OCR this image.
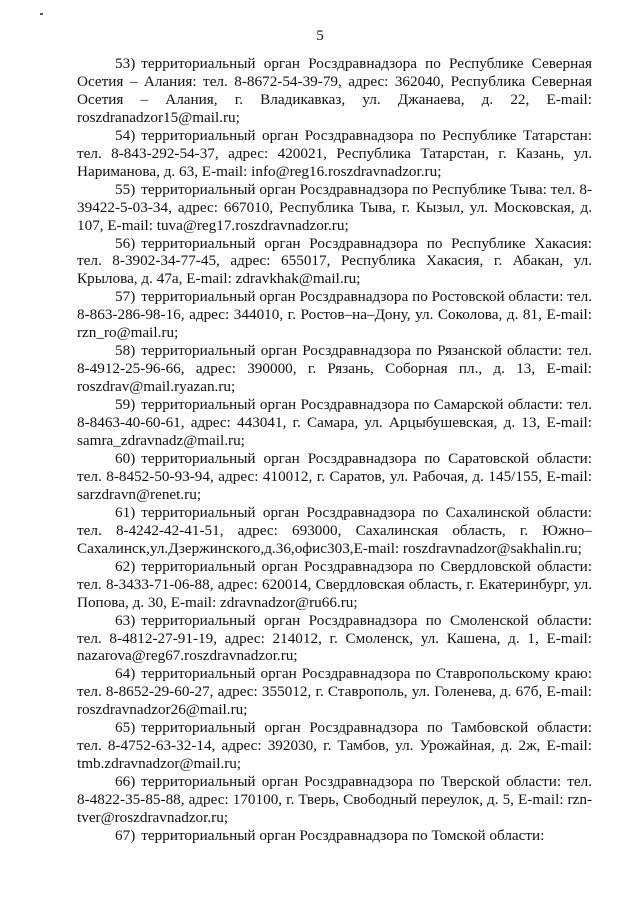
5

53) территориальный орган Росздравнадзора по Республике Северная Осетия – Алания: тел. 8-8672-54-39-79, адрес: 362040, Республика Северная Осетия – Алания, г. Владикавказ, ул. Джанаева, д. 22, E-mail: roszdranadzor15@mail.ru;

54) территориальный орган Росздравнадзора по Республике Татарстан: тел. 8-843-292-54-37, адрес: 420021, Республика Татарстан, г. Казань, ул. Нариманова, д. 63, E-mail: info@reg16.roszdravnadzor.ru;

55) территориальный орган Росздравнадзора по Республике Тыва: тел. 8-39422-5-03-34, адрес: 667010, Республика Тыва, г. Кызыл, ул. Московская, д. 107, E-mail: tuva@reg17.roszdravnadzor.ru;

56) территориальный орган Росздравнадзора по Республике Хакасия: тел. 8-3902-34-77-45, адрес: 655017, Республика Хакасия, г. Абакан, ул. Крылова, д. 47а, E-mail: zdravkhak@mail.ru;

57) территориальный орган Росздравнадзора по Ростовской области: тел. 8-863-286-98-16, адрес: 344010, г. Ростов–на–Дону, ул. Соколова, д. 81, E-mail: rzn_ro@mail.ru;

58) территориальный орган Росздравнадзора по Рязанской области: тел. 8-4912-25-96-66, адрес: 390000, г. Рязань, Соборная пл., д. 13, E-mail: roszdrav@mail.ryazan.ru;

59) территориальный орган Росздравнадзора по Самарской области: тел. 8-8463-40-60-61, адрес: 443041, г. Самара, ул. Арцыбушевская, д. 13, E-mail: samra_zdravnadz@mail.ru;

60) территориальный орган Росздравнадзора по Саратовской области: тел. 8-8452-50-93-94, адрес: 410012, г. Саратов, ул. Рабочая, д. 145/155, E-mail: sarzdravn@renet.ru;

61) территориальный орган Росздравнадзора по Сахалинской области: тел. 8-4242-42-41-51, адрес: 693000, Сахалинская область, г. Южно–Сахалинск,ул.Дзержинского,д.36,офис303,E-mail: roszdravnadzor@sakhalin.ru;

62) территориальный орган Росздравнадзора по Свердловской области: тел. 8-3433-71-06-88, адрес: 620014, Свердловская область, г. Екатеринбург, ул. Попова, д. 30, E-mail: zdravnadzor@ru66.ru;

63) территориальный орган Росздравнадзора по Смоленской области: тел. 8-4812-27-91-19, адрес: 214012, г. Смоленск, ул. Кашена, д. 1, E-mail: nazarova@reg67.roszdravnadzor.ru;

64) территориальный орган Росздравнадзора по Ставропольскому краю: тел. 8-8652-29-60-27, адрес: 355012, г. Ставрополь, ул. Голенева, д. 67б, E-mail: roszdravnadzor26@mail.ru;

65) территориальный орган Росздравнадзора по Тамбовской области: тел. 8-4752-63-32-14, адрес: 392030, г. Тамбов, ул. Урожайная, д. 2ж, E-mail: tmb.zdravnadzor@mail.ru;

66) территориальный орган Росздравнадзора по Тверской области: тел. 8-4822-35-85-88, адрес: 170100, г. Тверь, Свободный переулок, д. 5, E-mail: rzn-tver@roszdravnadzor.ru;

67) территориальный орган Росздравнадзора по Томской области:
